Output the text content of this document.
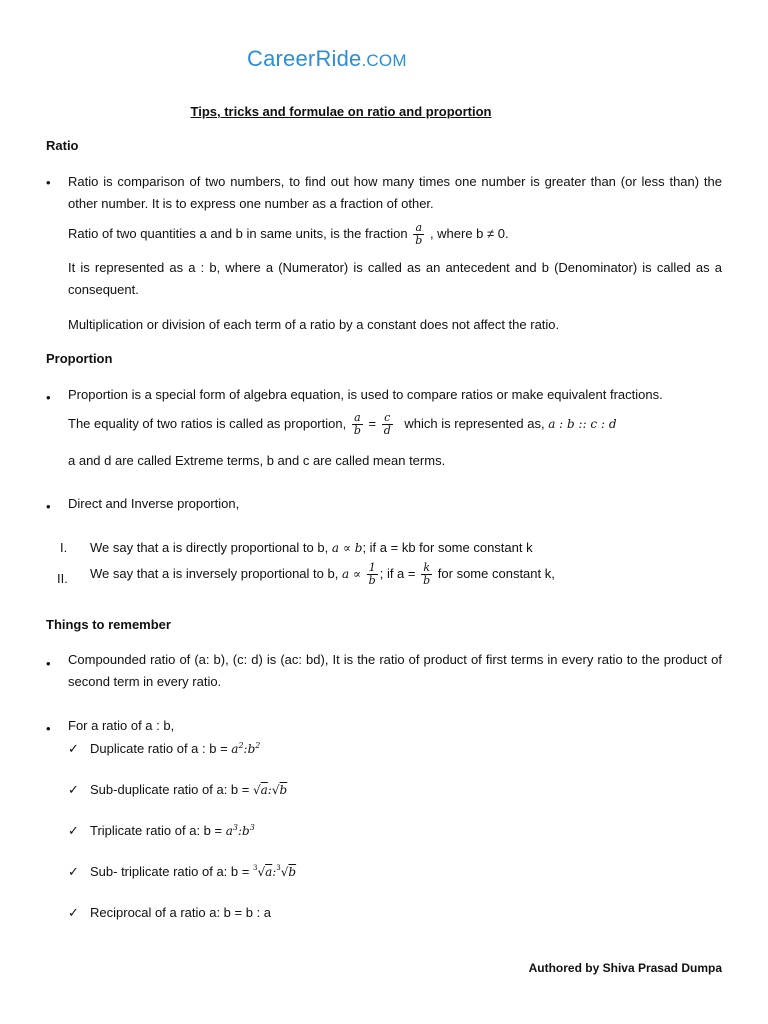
CareerRide.COM
Tips, tricks and formulae on ratio and proportion
Ratio
• Ratio is comparison of two numbers, to find out how many times one number is greater than (or less than) the other number. It is to express one number as a fraction of other.
Ratio of two quantities a and b in same units, is the fraction $\frac{a}{b}$ , where b ≠ 0.
It is represented as a : b, where a (Numerator) is called as an antecedent and b (Denominator) is called as a consequent.
Multiplication or division of each term of a ratio by a constant does not affect the ratio.
Proportion
• Proportion is a special form of algebra equation, is used to compare ratios or make equivalent fractions.
The equality of two ratios is called as proportion, $\frac{a}{b} = \frac{c}{d}$ which is represented as, a : b :: c : d
a and d are called Extreme terms, b and c are called mean terms.
• Direct and Inverse proportion,
I. We say that a is directly proportional to b, a ∝ b; if a = kb for some constant k
II. We say that a is inversely proportional to b, $a \propto \frac{1}{b}$ ; if $a = \frac{k}{b}$ for some constant k,
Things to remember
• Compounded ratio of (a: b), (c: d) is (ac: bd), It is the ratio of product of first terms in every ratio to the product of second term in every ratio.
• For a ratio of a : b,
✓ Duplicate ratio of a : $b = a^2:b^2$
✓ Sub-duplicate ratio of a: b = √a:√b
✓ Triplicate ratio of a: $b = a^3:b^3$
✓ Sub- triplicate ratio of a: b = $^3$√a:$^3$√b
✓ Reciprocal of a ratio a: b = b : a
Authored by Shiva Prasad Dumpa
